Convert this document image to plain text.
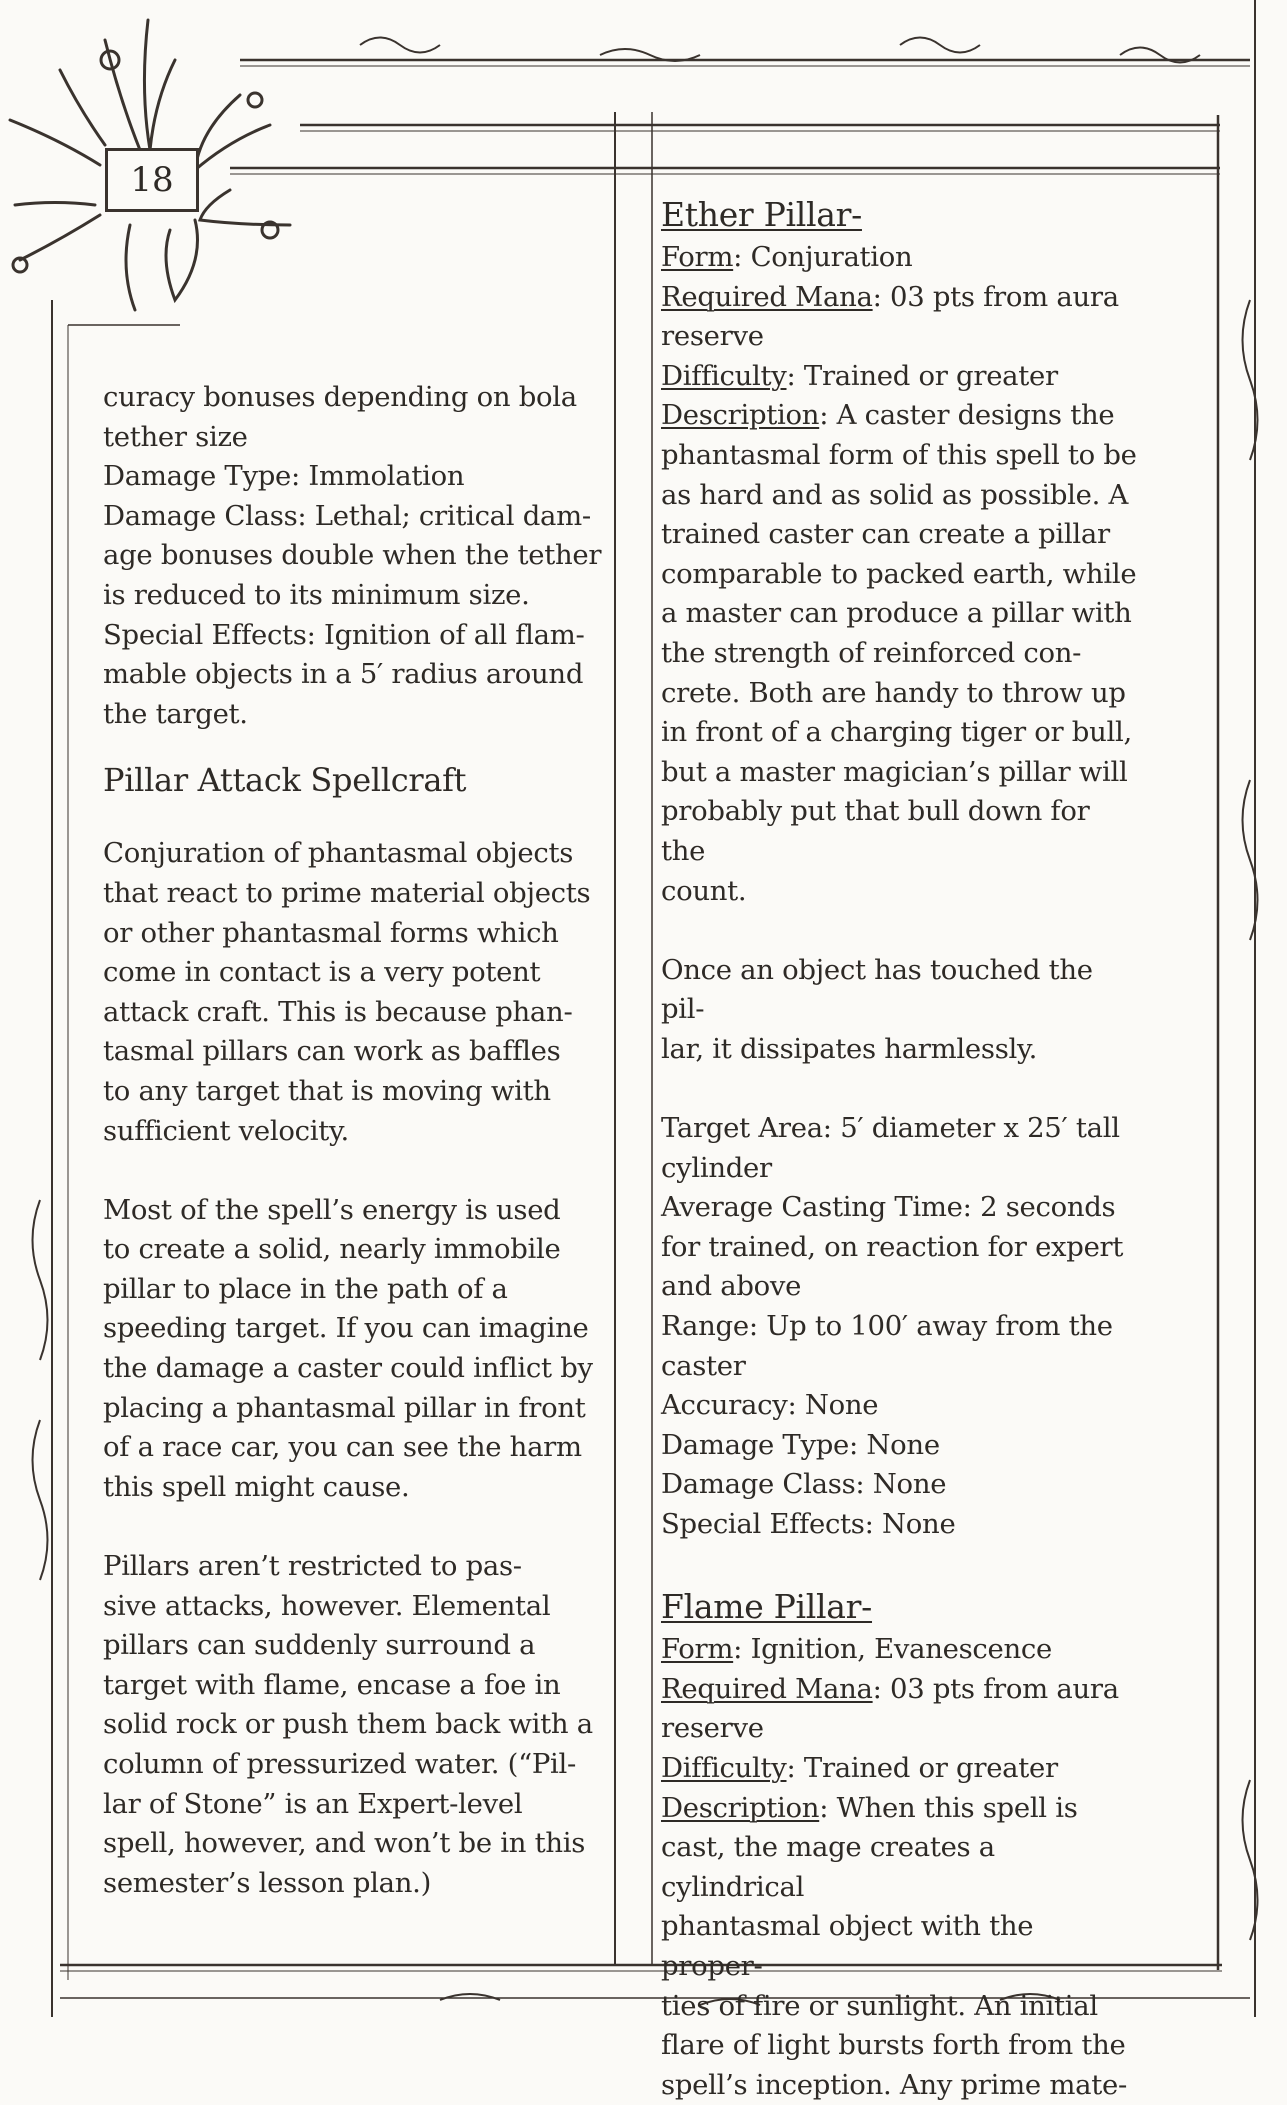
18

curacy bonuses depending on bola

tether size

Damage Type: Immolation

Damage Class: Lethal; critical dam-

age bonuses double when the tether

is reduced to its minimum size.

Special Effects: Ignition of all flam-

mable objects in a 5′ radius around

the target.

Pillar Attack Spellcraft

Conjuration of phantasmal objects

that react to prime material objects

or other phantasmal forms which

come in contact is a very potent

attack craft. This is because phan-

tasmal pillars can work as baffles

to any target that is moving with

sufficient velocity.

Most of the spell’s energy is used

to create a solid, nearly immobile

pillar to place in the path of a

speeding target. If you can imagine

the damage a caster could inflict by

placing a phantasmal pillar in front

of a race car, you can see the harm

this spell might cause.

Pillars aren’t restricted to pas-

sive attacks, however. Elemental

pillars can suddenly surround a

target with flame, encase a foe in

solid rock or push them back with a

column of pressurized water. (“Pil-

lar of Stone” is an Expert-level

spell, however, and won’t be in this

semester’s lesson plan.)

Ether Pillar-

Form: Conjuration

Required Mana: 03 pts from aura

reserve

Difficulty: Trained or greater

Description: A caster designs the

phantasmal form of this spell to be

as hard and as solid as possible. A

trained caster can create a pillar

comparable to packed earth, while

a master can produce a pillar with

the strength of reinforced con-

crete. Both are handy to throw up

in front of a charging tiger or bull,

but a master magician’s pillar will

probably put that bull down for the

count.

Once an object has touched the pil-

lar, it dissipates harmlessly.

Target Area: 5′ diameter x 25′ tall

cylinder

Average Casting Time: 2 seconds

for trained, on reaction for expert

and above

Range: Up to 100′ away from the

caster

Accuracy: None

Damage Type: None

Damage Class: None

Special Effects: None

Flame Pillar-

Form: Ignition, Evanescence

Required Mana: 03 pts from aura

reserve

Difficulty: Trained or greater

Description: When this spell is

cast, the mage creates a cylindrical

phantasmal object with the proper-

ties of fire or sunlight. An initial

flare of light bursts forth from the

spell’s inception. Any prime mate-
